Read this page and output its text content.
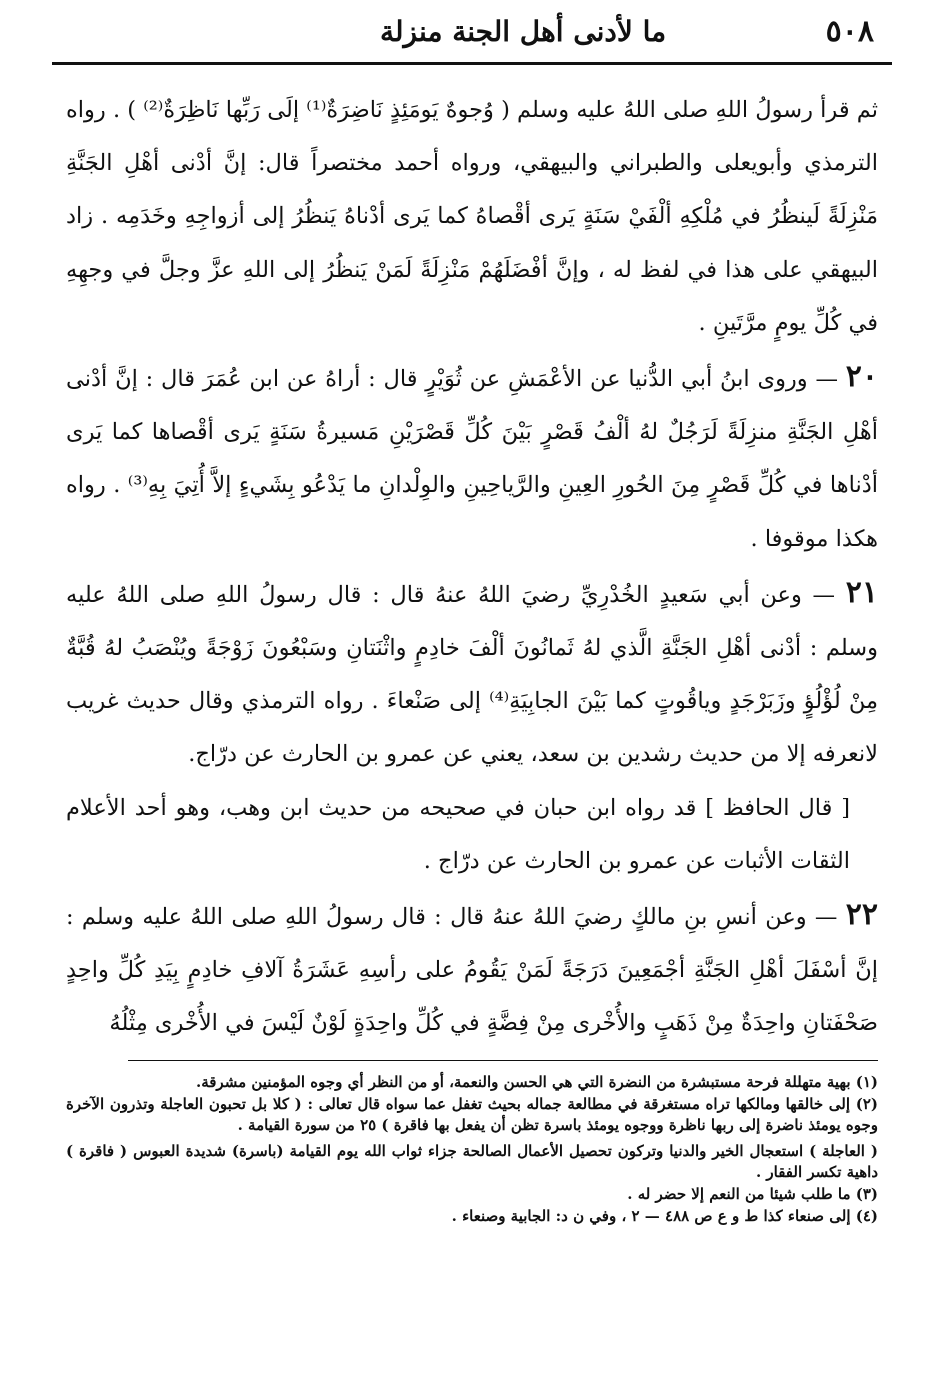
٥٠٨
ما لأدنى أهل الجنة منزلة

ثم قرأ رسولُ اللهِ صلى اللهُ عليه وسلم ( وُجوهٌ يَومَئِذٍ نَاضِرَةٌ⁽¹⁾ إلَى رَبِّها نَاظِرَةٌ⁽²⁾ ) . رواه الترمذي وأبويعلى والطبراني والبيهقي، ورواه أحمد مختصراً قال: إنَّ أدْنى أهْلِ الجَنَّةِ مَنْزِلَةً لَينظُرُ في مُلْكِهِ ألْفَيْ سَنَةٍ يَرى أقْصاهُ كما يَرى أدْناهُ يَنظُرُ إلى أزواجِهِ وخَدَمِه . زاد البيهقي على هذا في لفظ له ، وإنَّ أفْضَلَهُمْ مَنْزِلَةً لَمَنْ يَنظُرُ إلى اللهِ عزَّ وجلَّ في وجهِهِ في كُلِّ يومٍ مرَّتَينِ .

٢٠ — وروى ابنُ أبي الدُّنيا عن الأعْمَشِ عن ثُوَيْرٍ قال : أراهُ عن ابن عُمَرَ قال : إنَّ أدْنى أهْلِ الجَنَّةِ منزِلَةً لَرَجُلٌ لهُ ألْفُ قَصْرٍ بَيْنَ كُلِّ قَصْرَيْنِ مَسيرةُ سَنَةٍ يَرى أقْصاها كما يَرى أدْناها في كُلِّ قَصْرٍ مِنَ الحُورِ العِينِ والرَّياحِينِ والوِلْدانِ ما يَدْعُو بِشَيءٍ إلاَّ أُتِيَ بِهِ⁽³⁾ . رواه هكذا موقوفا .

٢١ — وعن أبي سَعيدٍ الخُدْرِيِّ رضيَ اللهُ عنهُ قال : قال رسولُ اللهِ صلى اللهُ عليه وسلم : أدْنى أهْلِ الجَنَّةِ الَّذي لهُ ثَمانُونَ ألْفَ خادِمٍ واثْنَتانِ وسَبْعُونَ زَوْجَةً ويُنْصَبُ لهُ قُبَّةٌ مِنْ لُؤْلُؤٍ وزَبَرْجَدٍ وياقُوتٍ كما بَيْنَ الجابِيَةِ⁽⁴⁾ إلى صَنْعاءَ . رواه الترمذي وقال حديث غريب لانعرفه إلا من حديث رشدين بن سعد، يعني عن عمرو بن الحارث عن درّاج.

[ قال الحافظ ] قد رواه ابن حبان في صحيحه من حديث ابن وهب، وهو أحد الأعلام الثقات الأثبات عن عمرو بن الحارث عن درّاج .

٢٢ — وعن أنسِ بنِ مالكٍ رضيَ اللهُ عنهُ قال : قال رسولُ اللهِ صلى اللهُ عليه وسلم : إنَّ أسْفَلَ أهْلِ الجَنَّةِ أجْمَعِينَ دَرَجَةً لَمَنْ يَقُومُ على رأسِهِ عَشَرَةُ آلافِ خادِمٍ بِيَدِ كُلِّ واحِدٍ صَحْفَتانِ واحِدَةٌ مِنْ ذَهَبٍ والأُخْرى مِنْ فِضَّةٍ في كُلِّ واحِدَةٍ لَوْنٌ لَيْسَ في الأُخْرى مِثْلُهُ

(١) بهية متهللة فرحة مستبشرة من النضرة التي هي الحسن والنعمة، أو من النظر أي وجوه المؤمنين مشرقة.

(٢) إلى خالقها ومالكها تراه مستغرقة في مطالعة جماله بحيث تغفل عما سواه قال تعالى : ( كلا بل تحبون العاجلة وتذرون الآخرة وجوه يومئذ ناضرة إلى ربها ناظرة ووجوه يومئذ باسرة تظن أن يفعل بها فاقرة ) ٢٥ من سورة القيامة .

( العاجلة ) استعجال الخير والدنيا وتركون تحصيل الأعمال الصالحة جزاء ثواب الله يوم القيامة (باسرة) شديدة العبوس ( فاقرة ) داهية تكسر الفقار .

(٣) ما طلب شيئا من النعم إلا حضر له .

(٤) إلى صنعاء كذا ط و ع ص ٤٨٨ — ٢ ، وفي ن د: الجابية وصنعاء .
